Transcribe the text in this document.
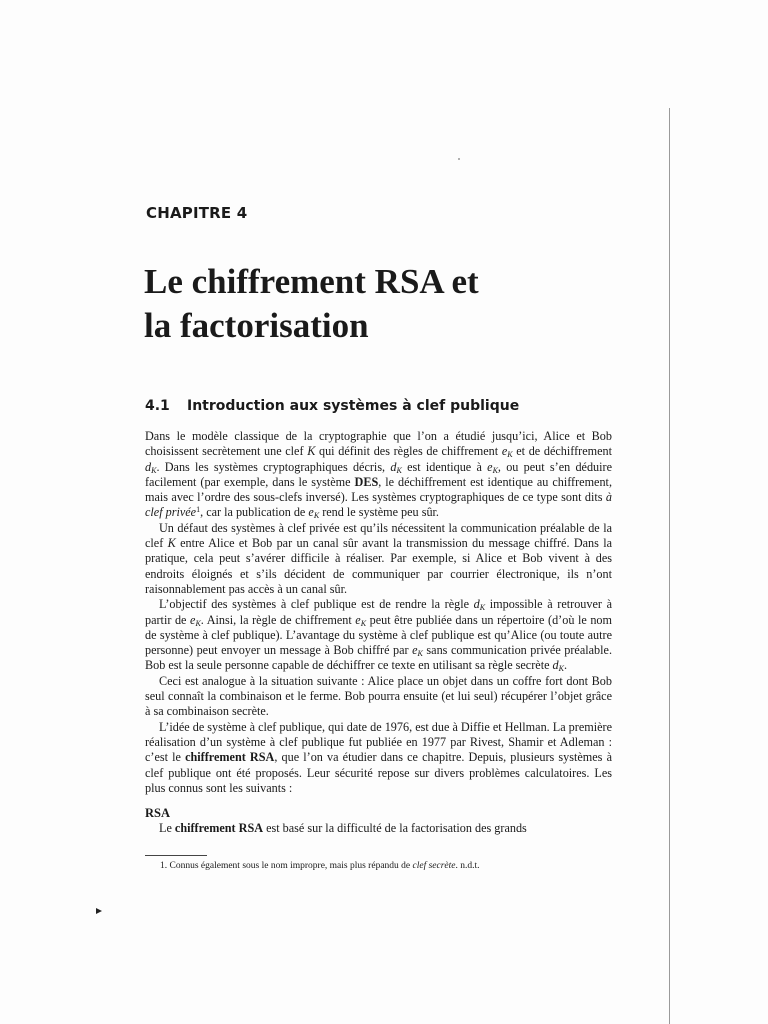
CHAPITRE 4
Le chiffrement RSA et
la factorisation
4.1 Introduction aux systèmes à clef publique

Dans le modèle classique de la cryptographie que l’on a étudié jusqu’ici, Alice et Bob choisissent secrètement une clef K qui définit des règles de chiffrement $e_K$ et de déchiffrement $d_K$. Dans les systèmes cryptographiques décris, $d_K$ est identique à $e_K$, ou peut s’en déduire facilement (par exemple, dans le système DES, le déchiffrement est identique au chiffrement, mais avec l’ordre des sous-clefs inversé). Les systèmes cryptographiques de ce type sont dits à clef privée$^1$, car la publication de $e_K$ rend le système peu sûr.

Un défaut des systèmes à clef privée est qu’ils nécessitent la communication préalable de la clef K entre Alice et Bob par un canal sûr avant la transmission du message chiffré. Dans la pratique, cela peut s’avérer difficile à réaliser. Par exemple, si Alice et Bob vivent à des endroits éloignés et s’ils décident de communiquer par courrier électronique, ils n’ont raisonnablement pas accès à un canal sûr.

L’objectif des systèmes à clef publique est de rendre la règle $d_K$ impossible à retrouver à partir de $e_K$. Ainsi, la règle de chiffrement $e_K$ peut être publiée dans un répertoire (d’où le nom de système à clef publique). L’avantage du système à clef publique est qu’Alice (ou toute autre personne) peut envoyer un message à Bob chiffré par $e_K$ sans communication privée préalable. Bob est la seule personne capable de déchiffrer ce texte en utilisant sa règle secrète $d_K$.

Ceci est analogue à la situation suivante : Alice place un objet dans un coffre fort dont Bob seul connaît la combinaison et le ferme. Bob pourra ensuite (et lui seul) récupérer l’objet grâce à sa combinaison secrète.

L’idée de système à clef publique, qui date de 1976, est due à Diffie et Hellman. La première réalisation d’un système à clef publique fut publiée en 1977 par Rivest, Shamir et Adleman : c’est le chiffrement RSA, que l’on va étudier dans ce chapitre. Depuis, plusieurs systèmes à clef publique ont été proposés. Leur sécurité repose sur divers problèmes calculatoires. Les plus connus sont les suivants :

RSA

Le chiffrement RSA est basé sur la difficulté de la factorisation des grands

1. Connus également sous le nom impropre, mais plus répandu de clef secrète. n.d.t.
